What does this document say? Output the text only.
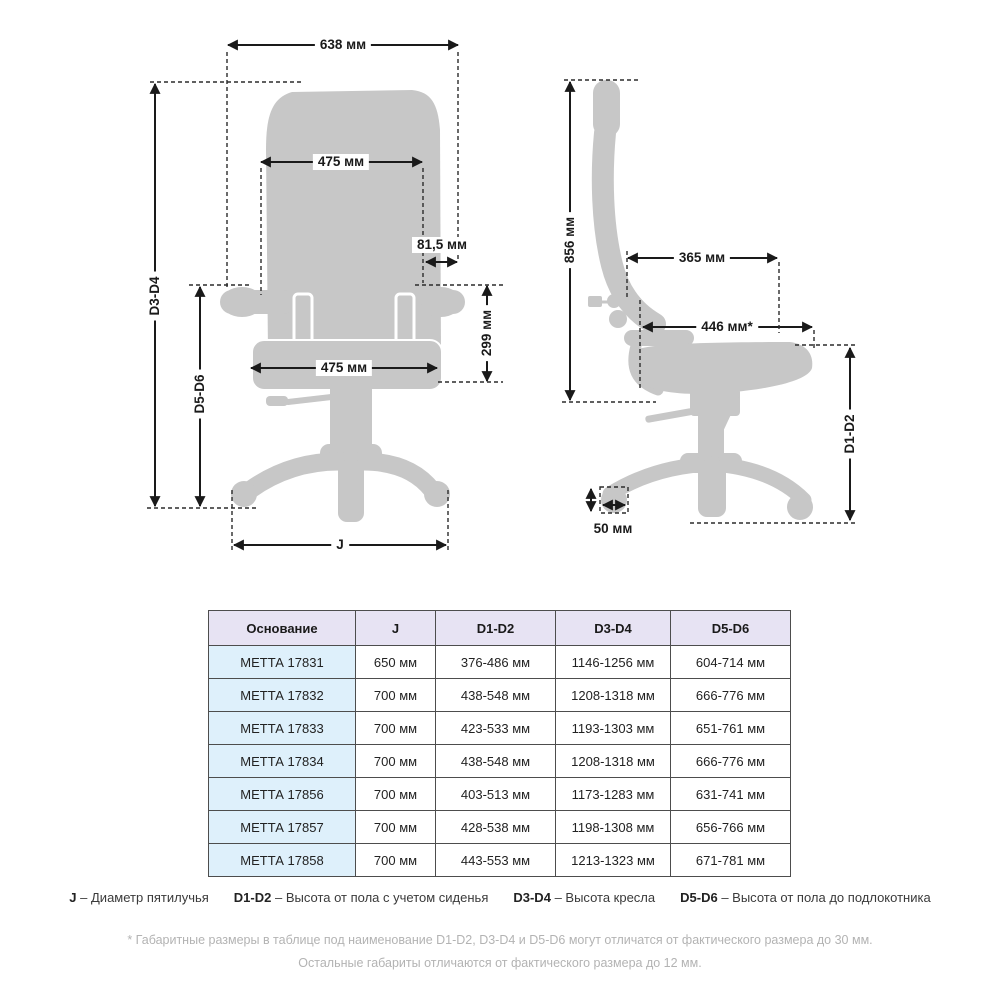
638 мм
475 мм
81,5 мм
299 мм
475 мм
D3-D4
D5-D6
J
856 мм	365 мм
446 мм*
D1-D2
50 мм
Основание	J	D1-D2	D3-D4	D5-D6
МЕТТА 17831	650 мм	376-486 мм	1146-1256 мм	604-714 мм
МЕТТА 17832	700 мм	438-548 мм	1208-1318 мм	666-776 мм
МЕТТА 17833	700 мм	423-533 мм	1193-1303 мм	651-761 мм
МЕТТА 17834	700 мм	438-548 мм	1208-1318 мм	666-776 мм
МЕТТА 17856	700 мм	403-513 мм	1173-1283 мм	631-741 мм
МЕТТА 17857	700 мм	428-538 мм	1198-1308 мм	656-766 мм
МЕТТА 17858	700 мм	443-553 мм	1213-1323 мм	671-781 мм
J – Диаметр пятилучья D1-D2 – Высота от пола с учетом сиденья D3-D4 – Высота кресла D5-D6 – Высота от пола до подлокотника
* Габаритные размеры в таблице под наименование D1-D2, D3-D4 и D5-D6 могут отличатся от фактического размера до 30 мм.
Остальные габариты отличаются от фактического размера до 12 мм.
